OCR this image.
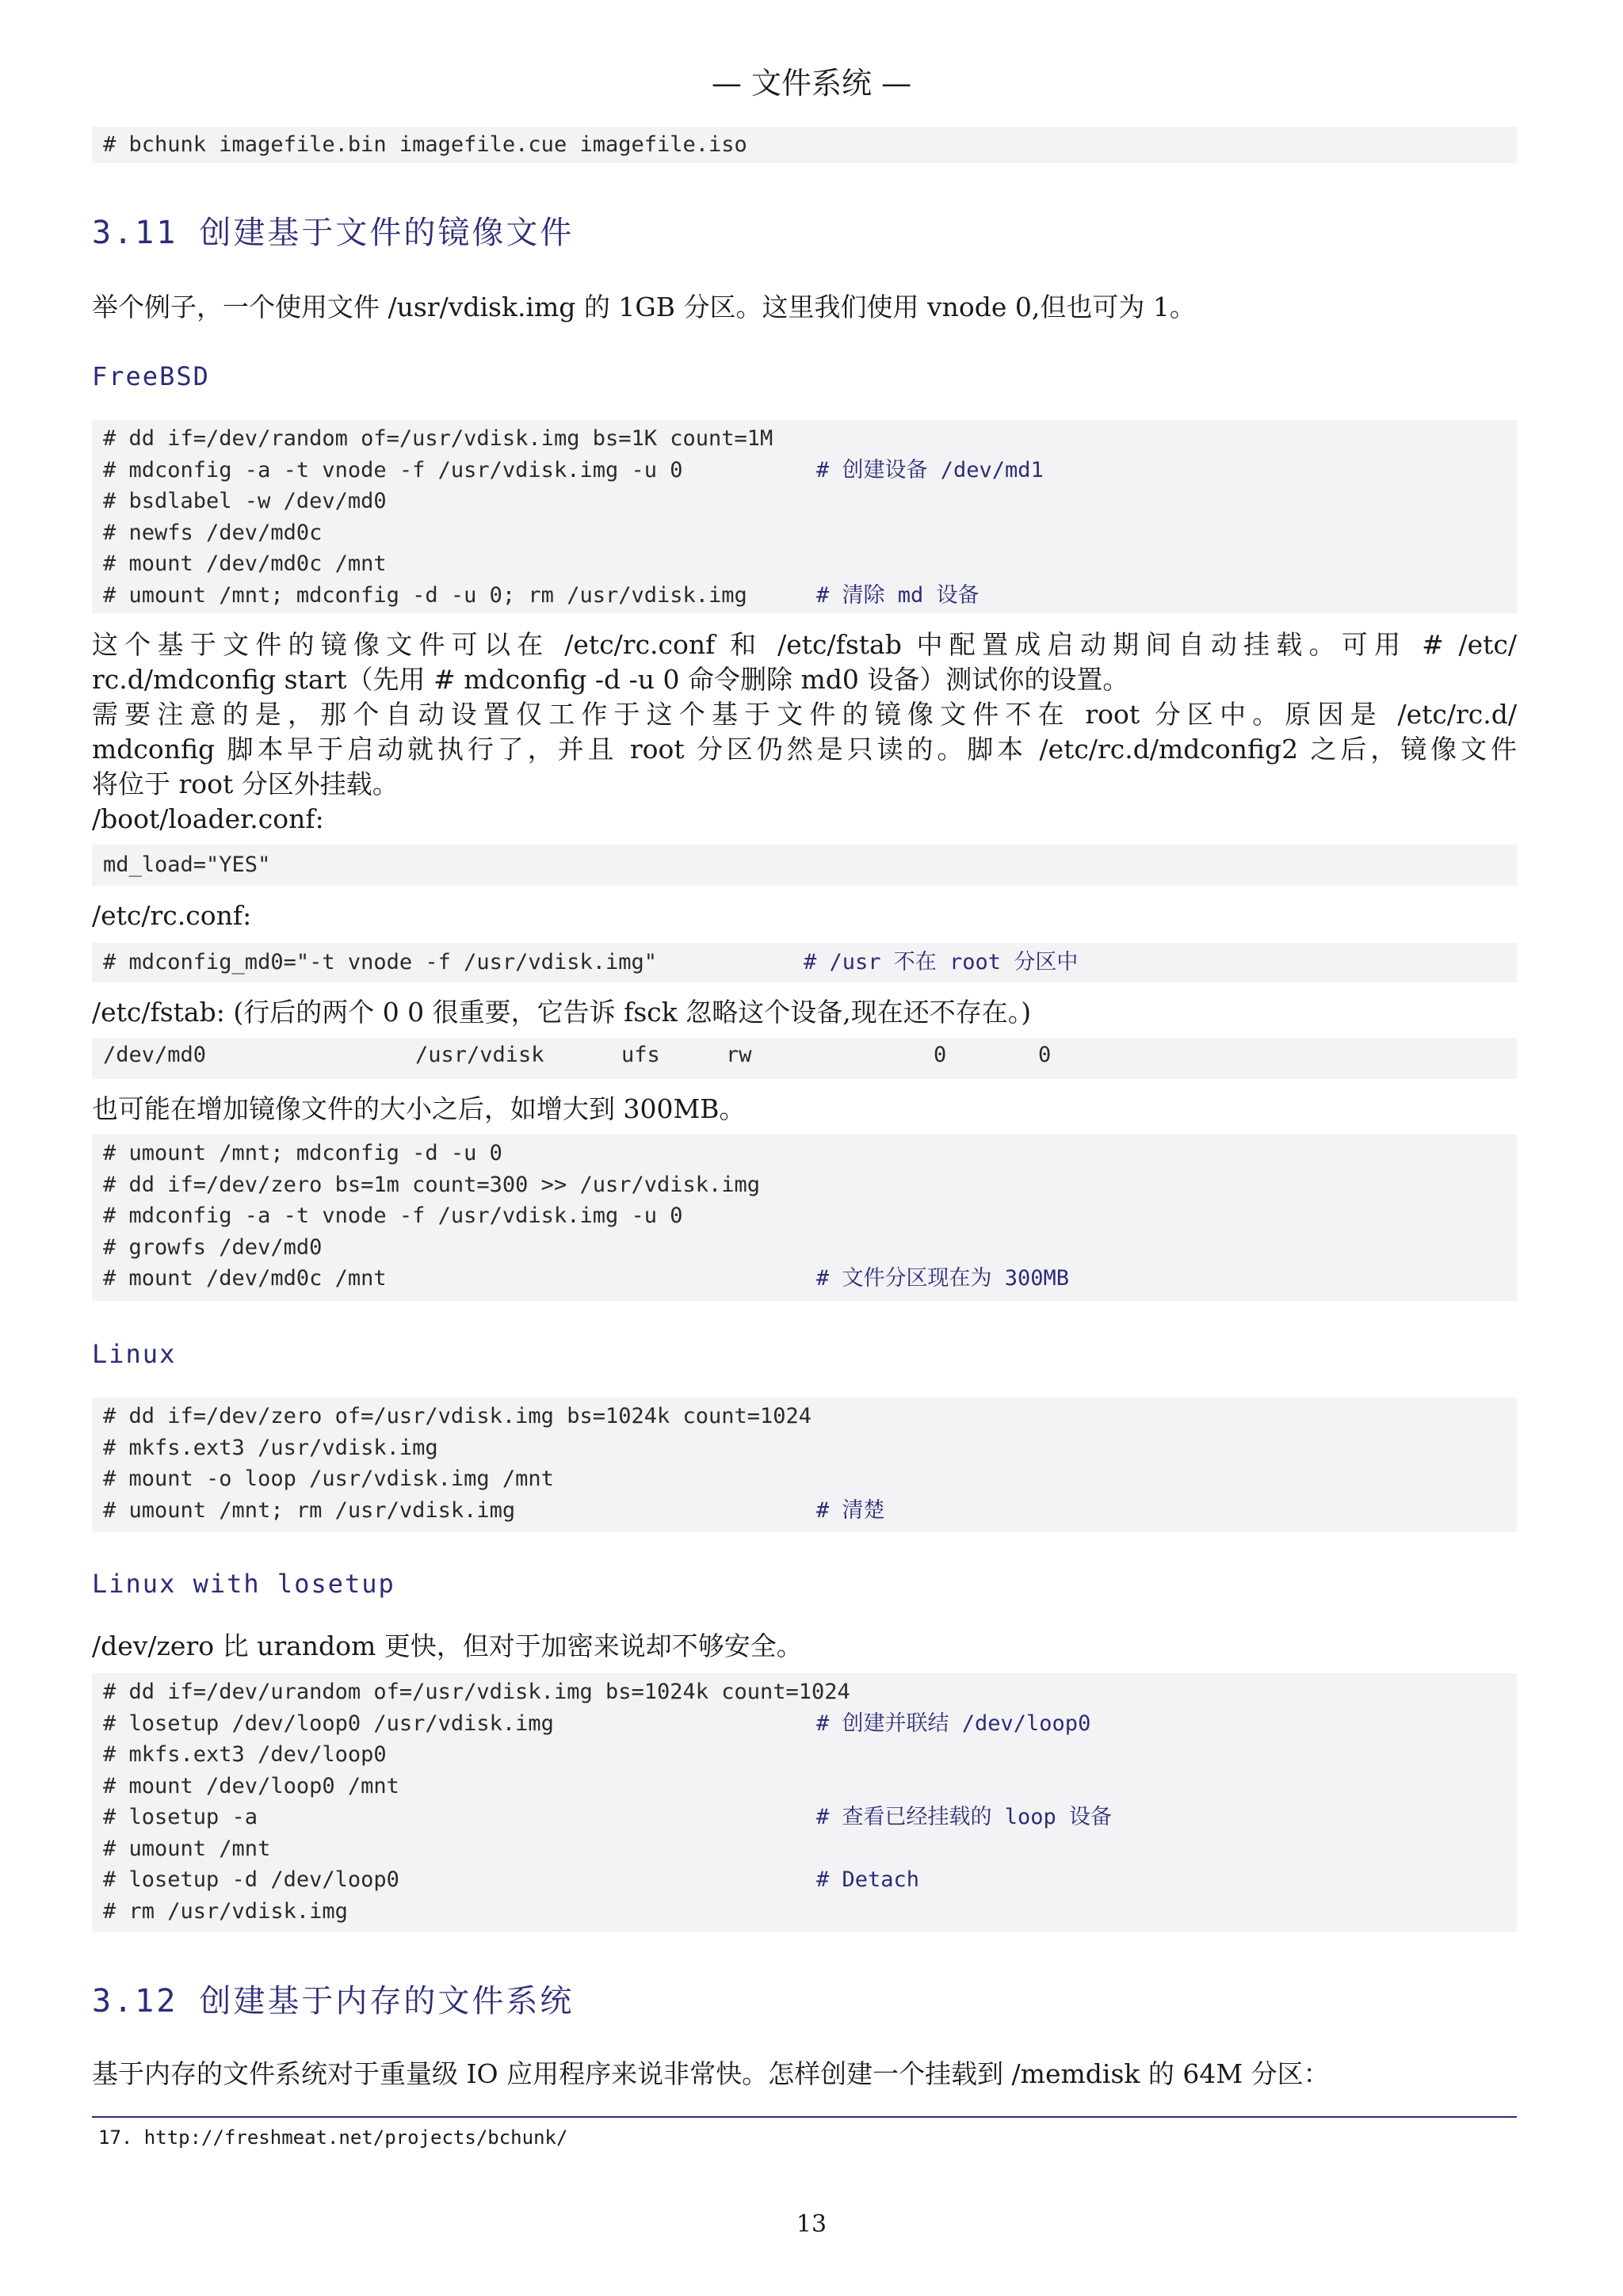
— 文件系统 —

# bchunk imagefile.bin imagefile.cue imagefile.iso

3.11 创建基于文件的镜像文件
举个例子，一个使用文件 /usr/vdisk.img 的 1GB 分区。这里我们使用 vnode 0,但也可为 1。
FreeBSD
# dd if=/dev/random of=/usr/vdisk.img bs=1K count=1M
# mdconfig -a -t vnode -f /usr/vdisk.img -u 0	# 创建设备 /dev/md1
# bsdlabel -w /dev/md0
# newfs /dev/md0c
# mount /dev/md0c /mnt
# umount /mnt; mdconfig -d -u 0; rm /usr/vdisk.img	# 清除 md 设备
这个基于文件的镜像文件可以在 /etc/rc.conf 和 /etc/fstab 中配置成启动期间自动挂载。可用 # /etc/
rc.d/mdconfig start（先用 # mdconfig -d -u 0 命令删除 md0 设备）测试你的设置。
需要注意的是，那个自动设置仅工作于这个基于文件的镜像文件不在 root 分区中。原因是 /etc/rc.d/
mdconfig 脚本早于启动就执行了，并且 root 分区仍然是只读的。脚本 /etc/rc.d/mdconfig2 之后，镜像文件
将位于 root 分区外挂载。
/boot/loader.conf:
md_load="YES"
/etc/rc.conf:
# mdconfig_md0="-t vnode -f /usr/vdisk.img"	# /usr 不在 root 分区中
/etc/fstab: (行后的两个 0 0 很重要，它告诉 fsck 忽略这个设备,现在还不存在。)
/dev/md0	/usr/vdisk	ufs	rw	0	0
也可能在增加镜像文件的大小之后，如增大到 300MB。
# umount /mnt; mdconfig -d -u 0
# dd if=/dev/zero bs=1m count=300 >> /usr/vdisk.img
# mdconfig -a -t vnode -f /usr/vdisk.img -u 0
# growfs /dev/md0
# mount /dev/md0c /mnt	# 文件分区现在为 300MB
Linux
# dd if=/dev/zero of=/usr/vdisk.img bs=1024k count=1024
# mkfs.ext3 /usr/vdisk.img
# mount -o loop /usr/vdisk.img /mnt
# umount /mnt; rm /usr/vdisk.img	# 清楚
Linux with losetup
/dev/zero 比 urandom 更快，但对于加密来说却不够安全。
# dd if=/dev/urandom of=/usr/vdisk.img bs=1024k count=1024
# losetup /dev/loop0 /usr/vdisk.img	# 创建并联结 /dev/loop0
# mkfs.ext3 /dev/loop0
# mount /dev/loop0 /mnt
# losetup -a	# 查看已经挂载的 loop 设备
# umount /mnt
# losetup -d /dev/loop0	# Detach
# rm /usr/vdisk.img
3.12 创建基于内存的文件系统
基于内存的文件系统对于重量级 IO 应用程序来说非常快。怎样创建一个挂载到 /memdisk 的 64M 分区：
17. http://freshmeat.net/projects/bchunk/
13
